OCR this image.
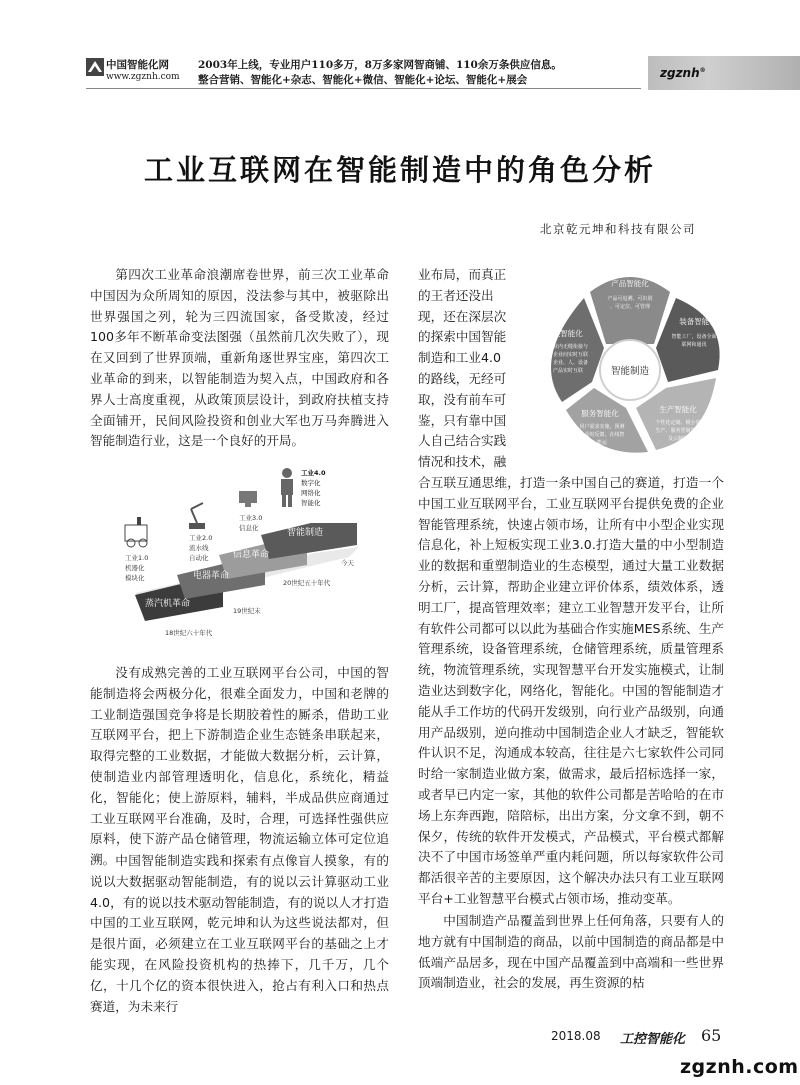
中国智能化网
www.zgznh.com
2003年上线，专业用户110多万，8万多家网智商铺、110余万条供应信息。
整合营销、智能化+杂志、智能化+微信、智能化+论坛、智能化+展会	zgznh®
工业互联网在智能制造中的角色分析
北京乾元坤和科技有限公司
第四次工业革命浪潮席卷世界，前三次工业革命中国因为众所周知的原因，没法参与其中，被驱除出世界强国之列，轮为三四流国家，备受欺凌，经过100多年不断革命变法图强（虽然前几次失败了），现在又回到了世界顶端，重新角逐世界宝座，第四次工业革命的到来，以智能制造为契入点，中国政府和各界人士高度重视，从政策顶层设计，到政府扶植支持全面铺开，民间风险投资和创业大军也万马奔腾进入智能制造行业，这是一个良好的开局。
蒸汽机革命
电器革命
信息革命
智能制造
18世纪六十年代
19世纪末
20世纪五十年代
今天
工业1.0
机器化
模块化
工业2.0
流水线
自动化
工业3.0
信息化
工业4.0
数字化
网络化
智能化
没有成熟完善的工业互联网平台公司，中国的智能制造将会两极分化，很难全面发力，中国和老牌的工业制造强国竞争将是长期胶着性的厮杀，借助工业互联网平台，把上下游制造企业生态链条串联起来，取得完整的工业数据，才能做大数据分析，云计算，使制造业内部管理透明化，信息化，系统化，精益化，智能化；使上游原料，辅料，半成品供应商通过工业互联网平台准确，及时，合理，可选择性强供应原料，使下游产品仓储管理，物流运输立体可定位追溯。 中国智能制造实践和探索有点像盲人摸象，有的说以大数据驱动智能制造，有的说以云计算驱动工业4.0，有的说以技术驱动智能制造，有的说以人才打造中国的工业互联网，乾元坤和认为这些说法都对，但是很片面，必须建立在工业互联网平台的基础之上才能实现，在风险投资机构的热捧下，几千万，几个亿，十几个亿的资本很快进入，抢占有利入口和热点赛道，为未来行
业布局，而真正的王者还没出现，还在深层次的探索中国智能制造和工业4.0的路线，无经可取，没有前车可鉴，只有靠中国人自己结合实践情况和技术，融
产品智能化
产品可追溯、可识别
、可定位、可管理
装备智能化
智能工厂，设备全面
联网和通讯
生产智能化
个性化定制、极小量
生产、服务型制造以
及云制造
服务智能化
用户需求实施、预测
、及时反馈、在线智
能运
管理智能化
企业内无缝衔接与
、企业间实时互联
、企业、人、设备
产品实时互联	智能制造
合互联互通思维，打造一条中国自己的赛道，打造一个中国工业互联网平台，工业互联网平台提供免费的企业智能管理系统，快速占领市场，让所有中小型企业实现信息化，补上短板实现工业3.0.打造大量的中小型制造业的数据和重塑制造业的生态模型，通过大量工业数据分析，云计算，帮助企业建立评价体系，绩效体系，透明工厂，提高管理效率；建立工业智慧开发平台，让所有软件公司都可以以此为基础合作实施MES系统、生产管理系统，设备管理系统，仓储管理系统，质量管理系统，物流管理系统，实现智慧平台开发实施模式，让制造业达到数字化，网络化，智能化。中国的智能制造才能从手工作坊的代码开发级别，向行业产品级别，向通用产品级别，逆向推动中国制造企业人才缺乏，智能软件认识不足，沟通成本较高，往往是六七家软件公司同时给一家制造业做方案，做需求，最后招标选择一家，或者早已内定一家，其他的软件公司都是苦哈哈的在市场上东奔西跑，陪陪标，出出方案，分文拿不到，朝不保夕，传统的软件开发模式，产品模式，平台模式都解决不了中国市场签单严重内耗问题，所以每家软件公司都活很辛苦的主要原因，这个解决办法只有工业互联网平台+工业智慧平台模式占领市场，推动变革。
中国制造产品覆盖到世界上任何角落，只要有人的地方就有中国制造的商品，以前中国制造的商品都是中低端产品居多，现在中国产品覆盖到中高端和一些世界顶端制造业，社会的发展，再生资源的枯
2018.08 工控智能化 65
zgznh.com
